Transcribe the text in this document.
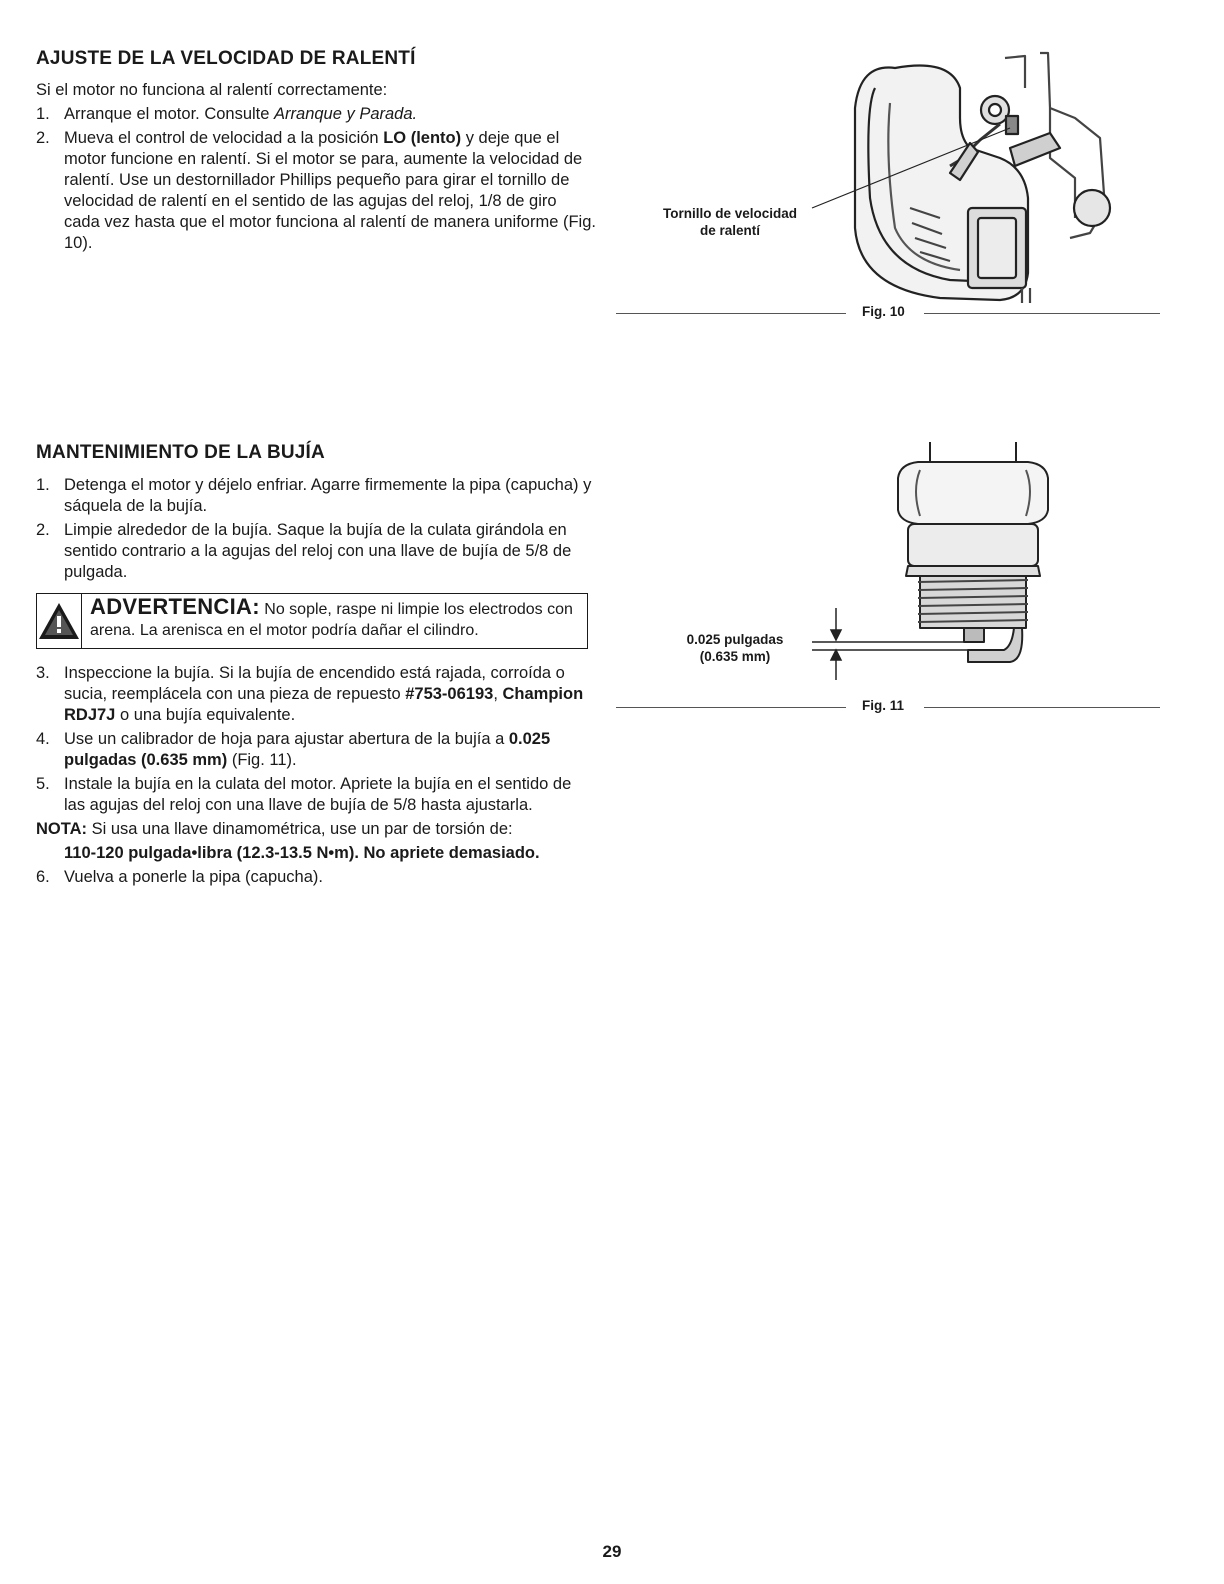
AJUSTE DE LA VELOCIDAD DE RALENTÍ

Si el motor no funciona al ralentí correctamente:

1. Arranque el motor. Consulte Arranque y Parada.
2. Mueva el control de velocidad a la posición LO (lento) y deje que el motor funcione en ralentí. Si el motor se para, aumente la velocidad de ralentí. Use un destornillador Phillips pequeño para girar el tornillo de velocidad de ralentí en el sentido de las agujas del reloj, 1/8 de giro cada vez hasta que el motor funciona al ralentí de manera uniforme (Fig. 10).
Tornillo de velocidad
de ralentí
Fig. 10
MANTENIMIENTO DE LA BUJÍA
1. Detenga el motor y déjelo enfriar. Agarre firmemente la pipa (capucha) y sáquela de la bujía.
2. Limpie alrededor de la bujía. Saque la bujía de la culata girándola en sentido contrario a la agujas del reloj con una llave de bujía de 5/8 de pulgada.
ADVERTENCIA: No sople, raspe ni limpie los electrodos con arena. La arenisca en el motor podría dañar el cilindro.
3. Inspeccione la bujía. Si la bujía de encendido está rajada, corroída o sucia, reemplácela con una pieza de repuesto #753-06193, Champion RDJ7J o una bujía equivalente.
4. Use un calibrador de hoja para ajustar abertura de la bujía a 0.025 pulgadas (0.635 mm) (Fig. 11).
5. Instale la bujía en la culata del motor. Apriete la bujía en el sentido de las agujas del reloj con una llave de bujía de 5/8 hasta ajustarla.

NOTA: Si usa una llave dinamométrica, use un par de torsión de:

110-120 pulgada•libra (12.3-13.5 N•m). No apriete demasiado.

6. Vuelva a ponerle la pipa (capucha).
0.025 pulgadas
(0.635 mm)
Fig. 11
29
